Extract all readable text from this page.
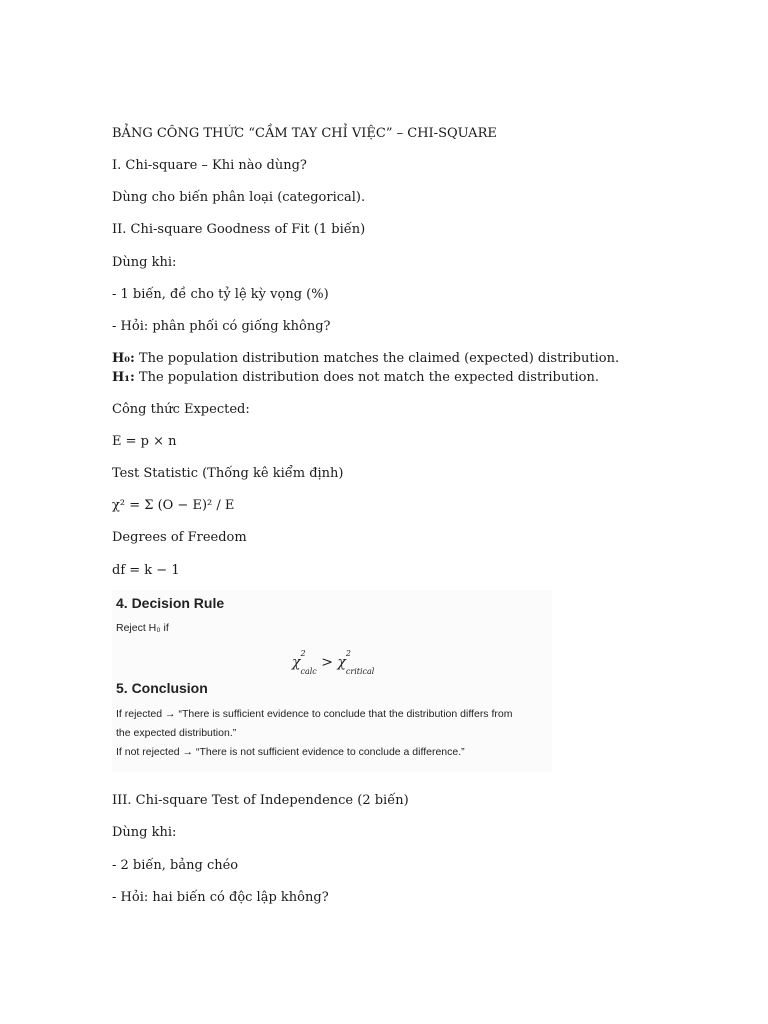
BẢNG CÔNG THỨC “CẦM TAY CHỈ VIỆC” – CHI-SQUARE
I. Chi-square – Khi nào dùng?
Dùng cho biến phân loại (categorical).
II. Chi-square Goodness of Fit (1 biến)
Dùng khi:
- 1 biến, đề cho tỷ lệ kỳ vọng (%)
- Hỏi: phân phối có giống không?
H₀: The population distribution matches the claimed (expected) distribution.
H₁: The population distribution does not match the expected distribution.
Công thức Expected:
E = p × n
Test Statistic (Thống kê kiểm định)
χ² = Σ (O − E)² / E
Degrees of Freedom
df = k − 1
4. Decision Rule
Reject H₀ if
$\chi^2$
$_{calc} > \chi^2$
$_{critical}$
5. Conclusion
If rejected → “There is sufficient evidence to conclude that the distribution differs from
the expected distribution.”
If not rejected → “There is not sufficient evidence to conclude a difference.”
III. Chi-square Test of Independence (2 biến)
Dùng khi:
- 2 biến, bảng chéo
- Hỏi: hai biến có độc lập không?
